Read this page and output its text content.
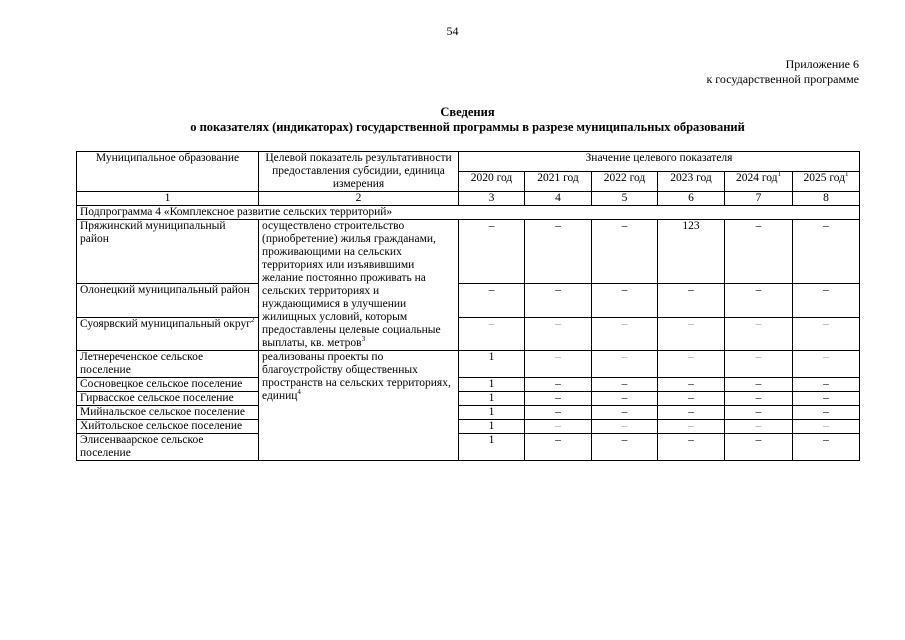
54
Приложение 6
к государственной программе
Сведения
о показателях (индикаторах) государственной программы в разрезе муниципальных образований
Муниципальное образование	Целевой показатель результативности предоставления субсидии, единица измерения	Значение целевого показателя					
		2020 год	2021 год	2022 год	2023 год	2024 год$^1$	2025 год$^1$
1	2	3	4	5	6	7	8
Подпрограмма 4 «Комплексное развитие сельских территорий»							
Пряжинский муниципальный район	осуществлено строительство (приобретение) жилья гражданами, проживающими на сельских территориях или изъявившими желание постоянно проживать на сельских территориях и нуждающимися в улучшении жилищных условий, которым предоставлены целевые социальные выплаты, кв. метров$^3$	–	–	–	123	–	–
Олонецкий муниципальный район		–	–	–	–	–	–
Суоярвский муниципальный округ$^2$		–	–	–	–	–	–
Летнереченское сельское поселение	реализованы проекты по благоустройству общественных пространств на сельских территориях, единиц$^4$	1	–	–	–	–	–
Сосновецкое сельское поселение		1	–	–	–	–	–
Гирвасское сельское поселение		1	–	–	–	–	–
Мийнальское сельское поселение		1	–	–	–	–	–
Хийтольское сельское поселение		1	–	–	–	–	–
Элисенваарское сельское поселение		1	–	–	–	–	–
